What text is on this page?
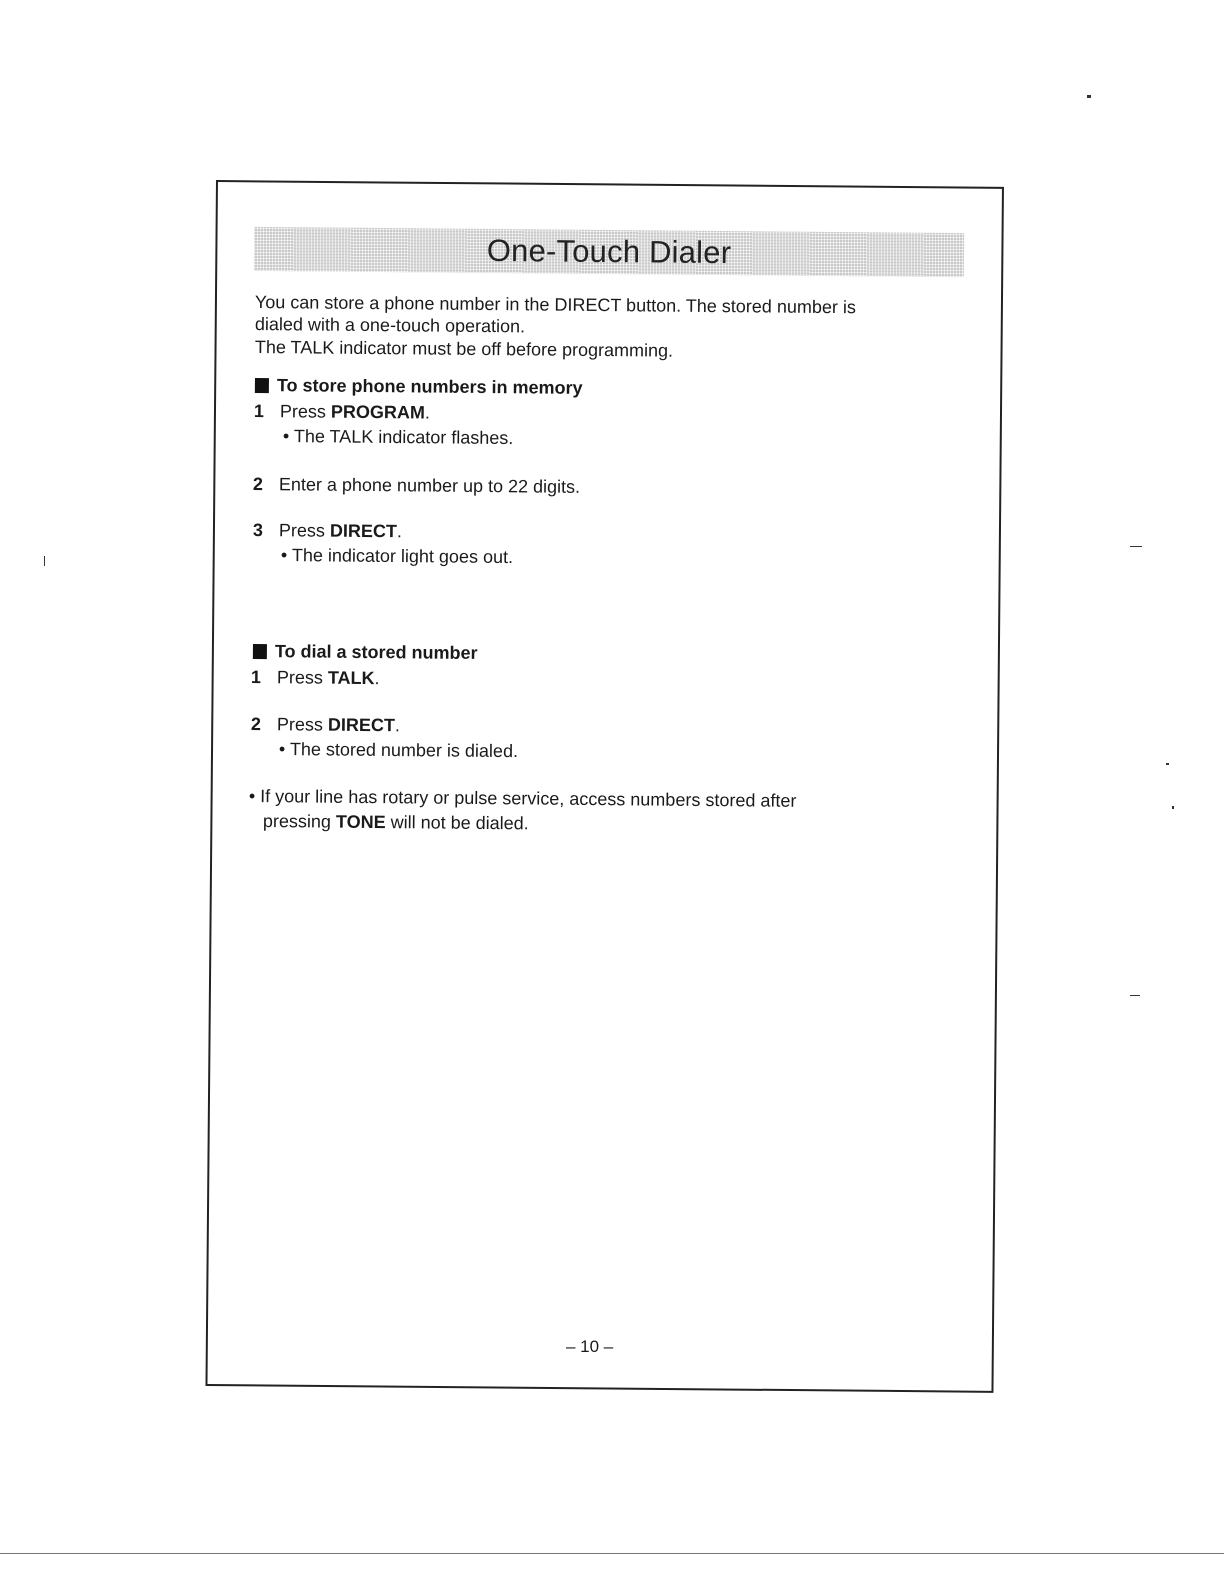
One-Touch Dialer
You can store a phone number in the DIRECT button. The stored number is
dialed with a one-touch operation.
The TALK indicator must be off before programming.
To store phone numbers in memory
1 Press PROGRAM.
• The TALK indicator flashes.
2 Enter a phone number up to 22 digits.
3 Press DIRECT.
• The indicator light goes out.
To dial a stored number
1 Press TALK.
2 Press DIRECT.
• The stored number is dialed.
• If your line has rotary or pulse service, access numbers stored after
pressing TONE will not be dialed.
– 10 –
